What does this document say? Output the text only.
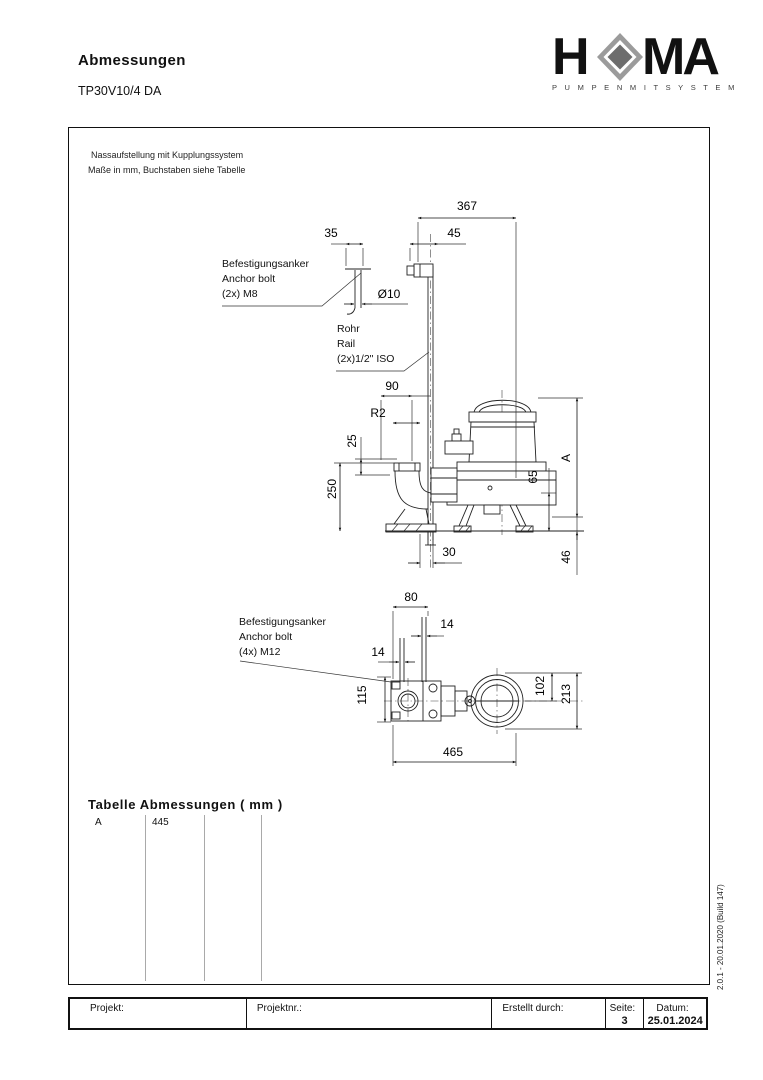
Abmessungen
TP30V10/4 DA
H MA
P U M P E N M I T S Y S T E M
Nassaufstellung mit Kupplungssystem
Maße in mm, Buchstaben siehe Tabelle
Befestigungsanker
Anchor bolt
(2x) M8
Rohr
Rail
(2x)1/2" ISO
Befestigungsanker
Anchor bolt
(4x) M12
367
35	45
Ø10
90
R2
25
250
65
A
30	46
80
14
14
115	102 213
465
Tabelle Abmessungen ( mm )
A	445
Projekt:	Projektnr.:	Erstellt durch:	Seite:
3
Datum:
25.01.2024
2.0.1 - 20.01.2020 (Build 147)
